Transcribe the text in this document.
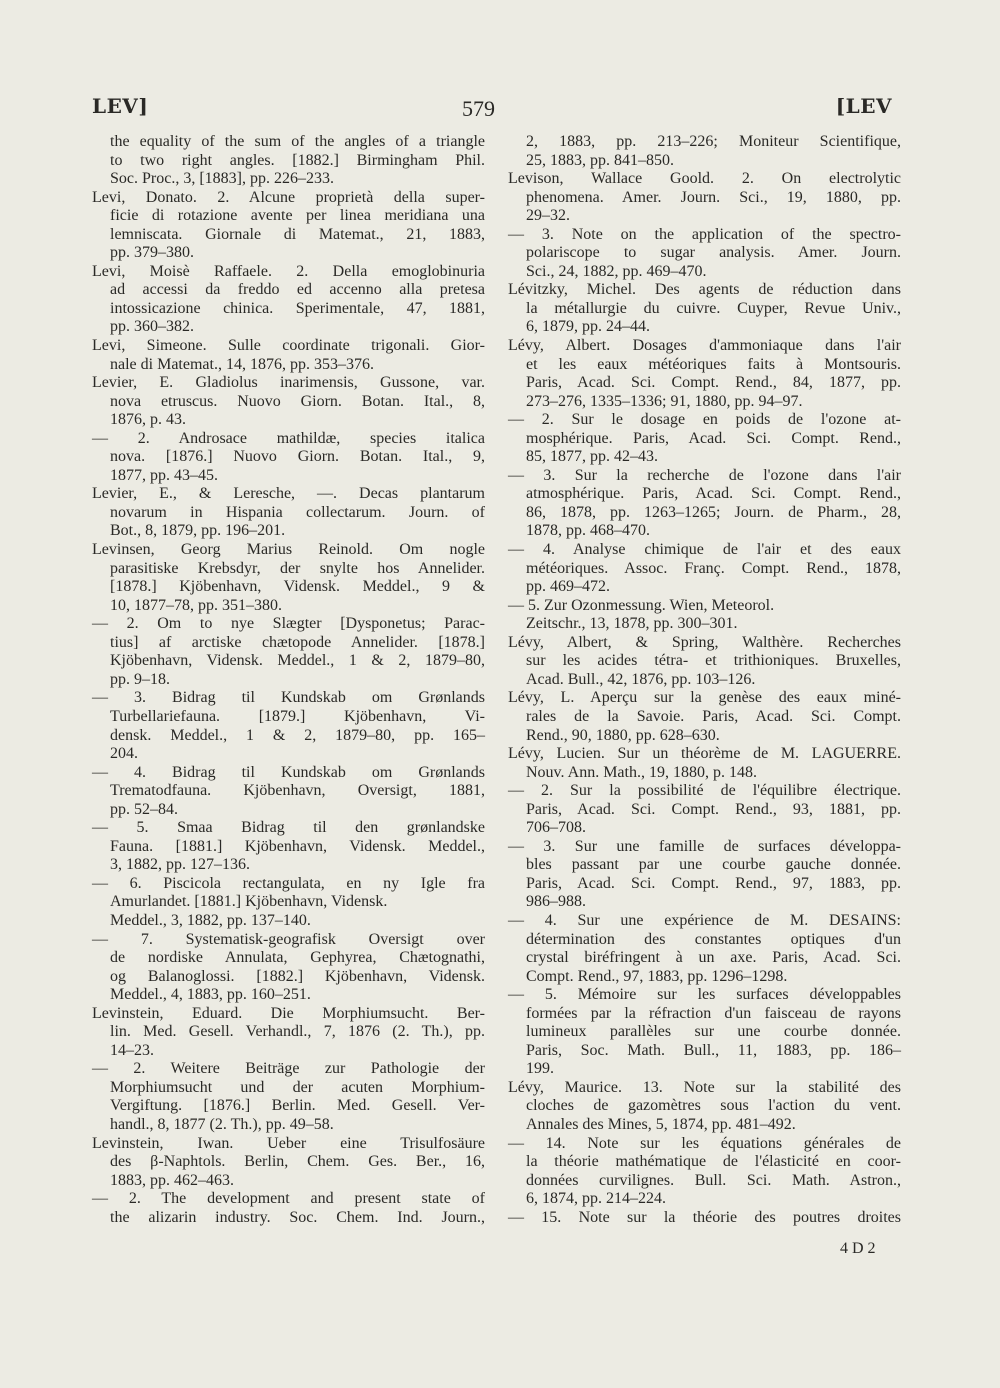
LEV]	579	[LEV
the equality of the sum of the angles of a triangle
to two right angles. [1882.] Birmingham Phil.
Soc. Proc., 3, [1883], pp. 226–233.
Levi, Donato. 2. Alcune proprietà della super-
ficie di rotazione avente per linea meridiana una
lemniscata. Giornale di Matemat., 21, 1883,
pp. 379–380.
Levi, Moisè Raffaele. 2. Della emoglobinuria
ad accessi da freddo ed accenno alla pretesa
intossicazione chinica. Sperimentale, 47, 1881,
pp. 360–382.
Levi, Simeone. Sulle coordinate trigonali. Gior-
nale di Matemat., 14, 1876, pp. 353–376.
Levier, E. Gladiolus inarimensis, Gussone, var.
nova etruscus. Nuovo Giorn. Botan. Ital., 8,
1876, p. 43.
— 2. Androsace mathildæ, species italica
nova. [1876.] Nuovo Giorn. Botan. Ital., 9,
1877, pp. 43–45.
Levier, E., & Leresche, —. Decas plantarum
novarum in Hispania collectarum. Journ. of
Bot., 8, 1879, pp. 196–201.
Levinsen, Georg Marius Reinold. Om nogle
parasitiske Krebsdyr, der snylte hos Annelider.
[1878.] Kjöbenhavn, Vidensk. Meddel., 9 &
10, 1877–78, pp. 351–380.
— 2. Om to nye Slægter [Dysponetus; Parac-
tius] af arctiske chætopode Annelider. [1878.]
Kjöbenhavn, Vidensk. Meddel., 1 & 2, 1879–80,
pp. 9–18.
— 3. Bidrag til Kundskab om Grønlands
Turbellariefauna. [1879.] Kjöbenhavn, Vi-
densk. Meddel., 1 & 2, 1879–80, pp. 165–
204.
— 4. Bidrag til Kundskab om Grønlands
Trematodfauna. Kjöbenhavn, Oversigt, 1881,
pp. 52–84.
— 5. Smaa Bidrag til den grønlandske
Fauna. [1881.] Kjöbenhavn, Vidensk. Meddel.,
3, 1882, pp. 127–136.
— 6. Piscicola rectangulata, en ny Igle fra
Amurlandet. [1881.] Kjöbenhavn, Vidensk.
Meddel., 3, 1882, pp. 137–140.
— 7. Systematisk-geografisk Oversigt over
de nordiske Annulata, Gephyrea, Chætognathi,
og Balanoglossi. [1882.] Kjöbenhavn, Vidensk.
Meddel., 4, 1883, pp. 160–251.
Levinstein, Eduard. Die Morphiumsucht. Ber-
lin. Med. Gesell. Verhandl., 7, 1876 (2. Th.), pp.
14–23.
— 2. Weitere Beiträge zur Pathologie der
Morphiumsucht und der acuten Morphium-
Vergiftung. [1876.] Berlin. Med. Gesell. Ver-
handl., 8, 1877 (2. Th.), pp. 49–58.
Levinstein, Iwan. Ueber eine Trisulfosäure
des β-Naphtols. Berlin, Chem. Ges. Ber., 16,
1883, pp. 462–463.
— 2. The development and present state of
the alizarin industry. Soc. Chem. Ind. Journ.,
2, 1883, pp. 213–226; Moniteur Scientifique,
25, 1883, pp. 841–850.
Levison, Wallace Goold. 2. On electrolytic
phenomena. Amer. Journ. Sci., 19, 1880, pp.
29–32.
— 3. Note on the application of the spectro-
polariscope to sugar analysis. Amer. Journ.
Sci., 24, 1882, pp. 469–470.
Lévitzky, Michel. Des agents de réduction dans
la métallurgie du cuivre. Cuyper, Revue Univ.,
6, 1879, pp. 24–44.
Lévy, Albert. Dosages d'ammoniaque dans l'air
et les eaux météoriques faits à Montsouris.
Paris, Acad. Sci. Compt. Rend., 84, 1877, pp.
273–276, 1335–1336; 91, 1880, pp. 94–97.
— 2. Sur le dosage en poids de l'ozone at-
mosphérique. Paris, Acad. Sci. Compt. Rend.,
85, 1877, pp. 42–43.
— 3. Sur la recherche de l'ozone dans l'air
atmosphérique. Paris, Acad. Sci. Compt. Rend.,
86, 1878, pp. 1263–1265; Journ. de Pharm., 28,
1878, pp. 468–470.
— 4. Analyse chimique de l'air et des eaux
météoriques. Assoc. Franç. Compt. Rend., 1878,
pp. 469–472.
— 5. Zur Ozonmessung. Wien, Meteorol.
Zeitschr., 13, 1878, pp. 300–301.
Lévy, Albert, & Spring, Walthère. Recherches
sur les acides tétra- et trithioniques. Bruxelles,
Acad. Bull., 42, 1876, pp. 103–126.
Lévy, L. Aperçu sur la genèse des eaux miné-
rales de la Savoie. Paris, Acad. Sci. Compt.
Rend., 90, 1880, pp. 628–630.
Lévy, Lucien. Sur un théorème de M. LAGUERRE.
Nouv. Ann. Math., 19, 1880, p. 148.
— 2. Sur la possibilité de l'équilibre électrique.
Paris, Acad. Sci. Compt. Rend., 93, 1881, pp.
706–708.
— 3. Sur une famille de surfaces développa-
bles passant par une courbe gauche donnée.
Paris, Acad. Sci. Compt. Rend., 97, 1883, pp.
986–988.
— 4. Sur une expérience de M. DESAINS:
détermination des constantes optiques d'un
crystal biréfringent à un axe. Paris, Acad. Sci.
Compt. Rend., 97, 1883, pp. 1296–1298.
— 5. Mémoire sur les surfaces développables
formées par la réfraction d'un faisceau de rayons
lumineux parallèles sur une courbe donnée.
Paris, Soc. Math. Bull., 11, 1883, pp. 186–
199.
Lévy, Maurice. 13. Note sur la stabilité des
cloches de gazomètres sous l'action du vent.
Annales des Mines, 5, 1874, pp. 481–492.
— 14. Note sur les équations générales de
la théorie mathématique de l'élasticité en coor-
données curvilignes. Bull. Sci. Math. Astron.,
6, 1874, pp. 214–224.
— 15. Note sur la théorie des poutres droites
4 D 2
